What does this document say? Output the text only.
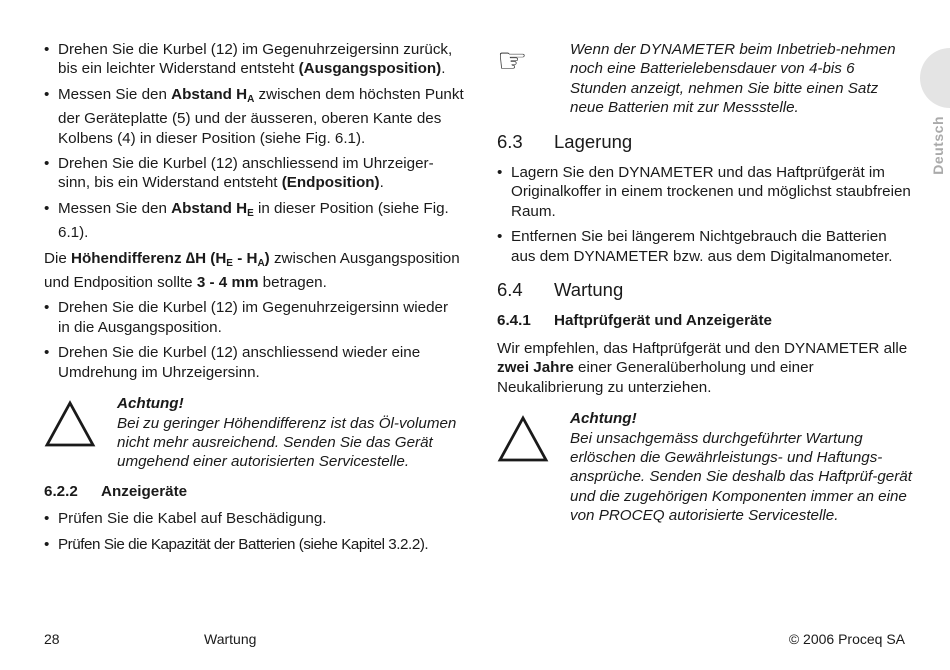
• Drehen Sie die Kurbel (12) im Gegenuhrzeigersinn zurück, bis ein leichter Widerstand entsteht (Ausgangsposition).
• Messen Sie den Abstand $H_A$ zwischen dem höchsten Punkt der Geräteplatte (5) und der äusseren, oberen Kante des Kolbens (4) in dieser Position (siehe Fig. 6.1).
• Drehen Sie die Kurbel (12) anschliessend im Uhrzeiger-sinn, bis ein Widerstand entsteht (Endposition).
• Messen Sie den Abstand $H_E$ in dieser Position (siehe Fig. 6.1).

Die Höhendifferenz ∆H $(H_E - H_A)$ zwischen Ausgangsposition und Endposition sollte 3 - 4 mm betragen.

• Drehen Sie die Kurbel (12) im Gegenuhrzeigersinn wieder in die Ausgangsposition.
• Drehen Sie die Kurbel (12) anschliessend wieder eine Umdrehung im Uhrzeigersinn.
Achtung!
Bei zu geringer Höhendifferenz ist das Öl-volumen nicht mehr ausreichend. Senden Sie das Gerät umgehend einer autorisierten Servicestelle.
6.2.2 Anzeigeräte
• Prüfen Sie die Kabel auf Beschädigung.
• Prüfen Sie die Kapazität der Batterien (siehe Kapitel 3.2.2).
☞	Wenn der DYNAMETER beim Inbetrieb-nehmen noch eine Batterielebensdauer von 4-bis 6 Stunden anzeigt, nehmen Sie bitte einen Satz neue Batterien mit zur Messstelle.
6.3 Lagerung
• Lagern Sie den DYNAMETER und das Haftprüfgerät im Originalkoffer in einem trockenen und möglichst staubfreien Raum.
• Entfernen Sie bei längerem Nichtgebrauch die Batterien aus dem DYNAMETER bzw. aus dem Digitalmanometer.
6.4 Wartung
6.4.1 Haftprüfgerät und Anzeigeräte

Wir empfehlen, das Haftprüfgerät und den DYNAMETER alle zwei Jahre einer Generalüberholung und einer Neukalibrierung zu unterziehen.

Achtung!
Bei unsachgemäss durchgeführter Wartung erlöschen die Gewährleistungs- und Haftungs-ansprüche. Senden Sie deshalb das Haftprüf-gerät und die zugehörigen Komponenten immer an eine von PROCEQ autorisierte Servicestelle.
Deutsch
28	Wartung	© 2006 Proceq SA
